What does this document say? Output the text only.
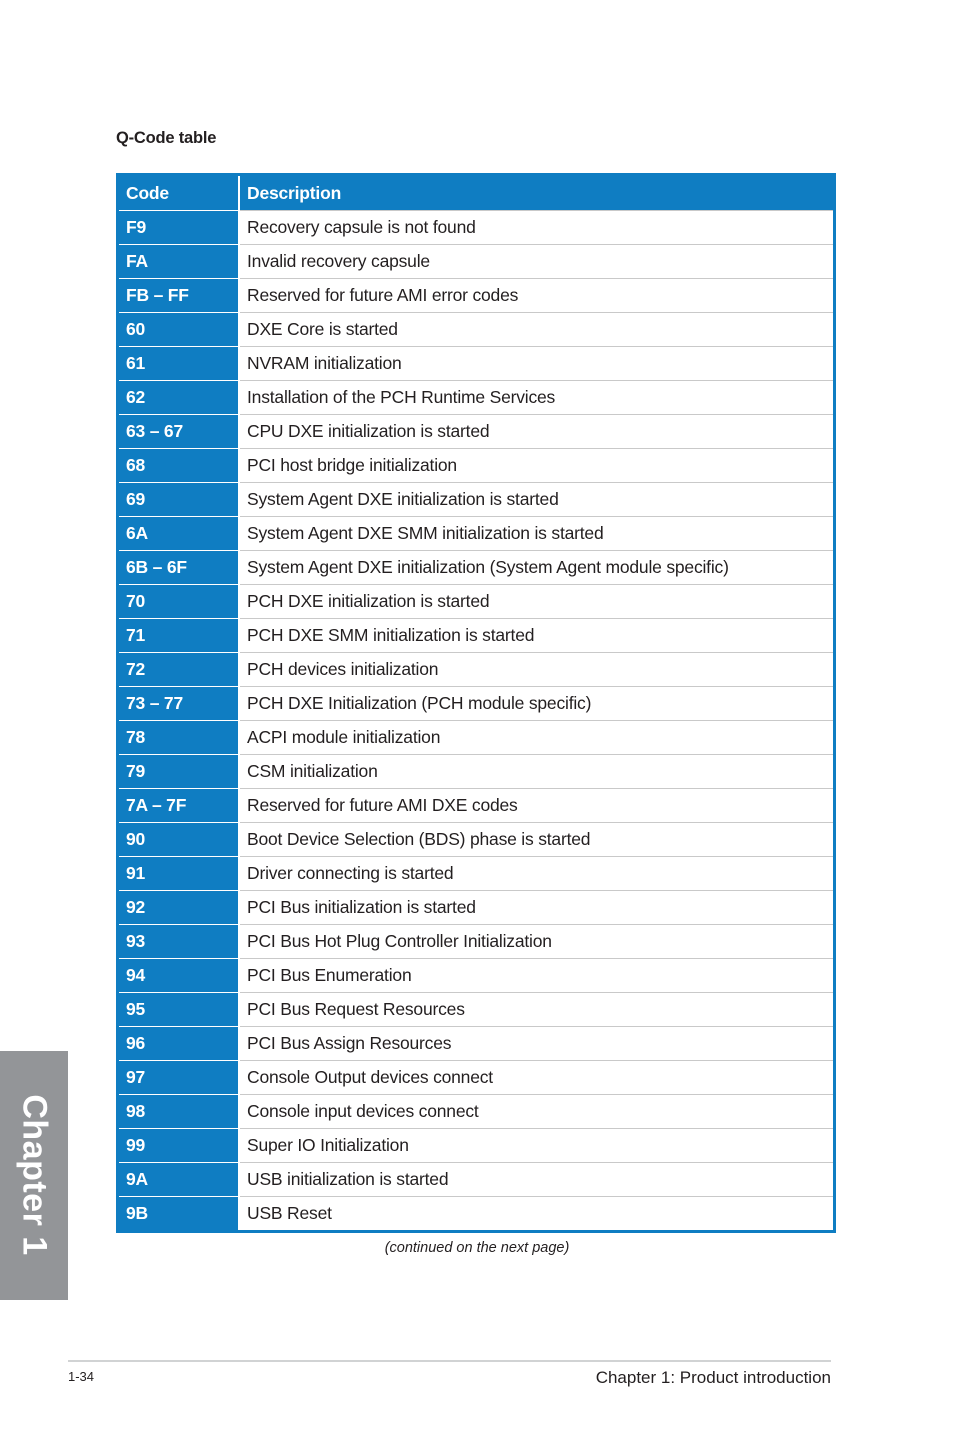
Q-Code table
Code	Description
F9	Recovery capsule is not found
FA	Invalid recovery capsule
FB – FF	Reserved for future AMI error codes
60	DXE Core is started
61	NVRAM initialization
62	Installation of the PCH Runtime Services
63 – 67	CPU DXE initialization is started
68	PCI host bridge initialization
69	System Agent DXE initialization is started
6A	System Agent DXE SMM initialization is started
6B – 6F	System Agent DXE initialization (System Agent module specific)
70	PCH DXE initialization is started
71	PCH DXE SMM initialization is started
72	PCH devices initialization
73 – 77	PCH DXE Initialization (PCH module specific)
78	ACPI module initialization
79	CSM initialization
7A – 7F	Reserved for future AMI DXE codes
90	Boot Device Selection (BDS) phase is started
91	Driver connecting is started
92	PCI Bus initialization is started
93	PCI Bus Hot Plug Controller Initialization
94	PCI Bus Enumeration
95	PCI Bus Request Resources
96	PCI Bus Assign Resources
97	Console Output devices connect
98	Console input devices connect
99	Super IO Initialization
9A	USB initialization is started
9B	USB Reset
(continued on the next page)
Chapter 1
1-34	Chapter 1: Product introduction
